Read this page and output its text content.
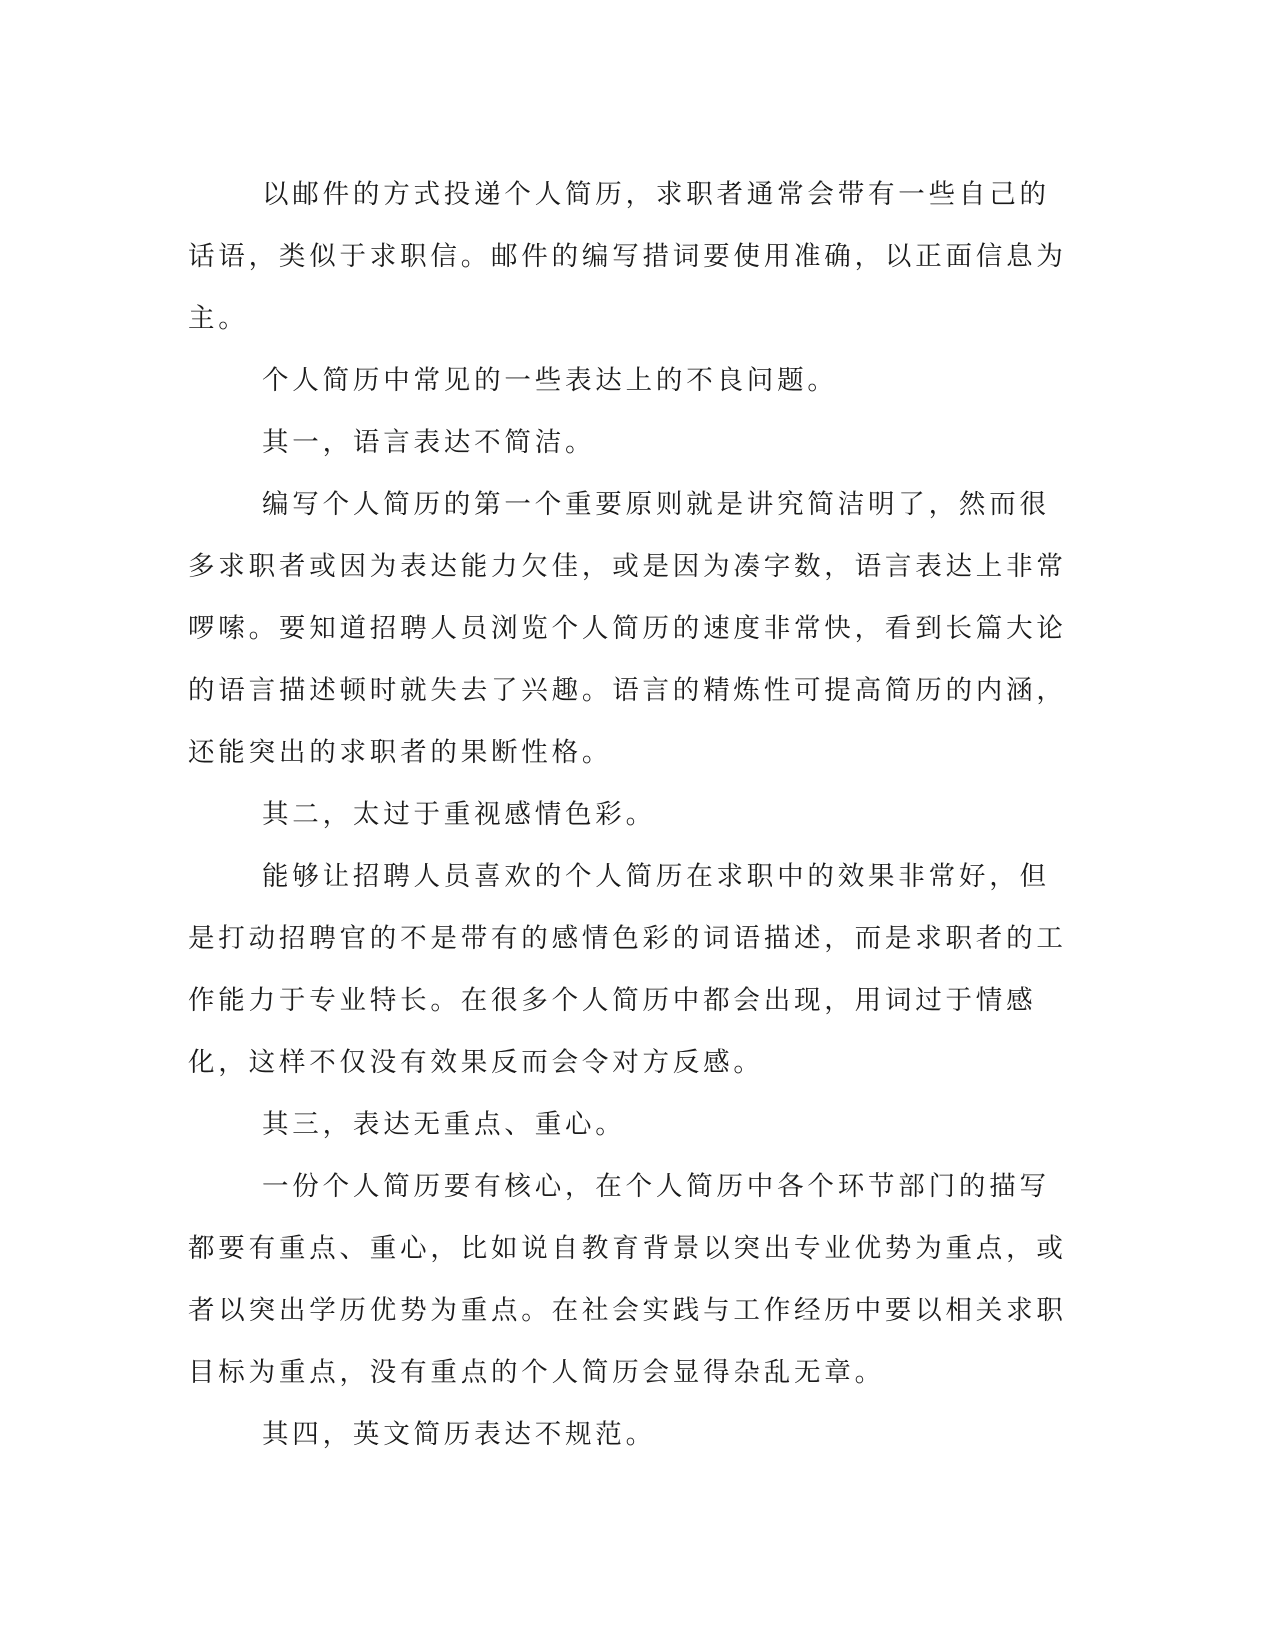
以邮件的方式投递个人简历，求职者通常会带有一些自己的话语，类似于求职信。邮件的编写措词要使用准确，以正面信息为主。

个人简历中常见的一些表达上的不良问题。

其一，语言表达不简洁。

编写个人简历的第一个重要原则就是讲究简洁明了，然而很多求职者或因为表达能力欠佳，或是因为凑字数，语言表达上非常啰嗦。要知道招聘人员浏览个人简历的速度非常快，看到长篇大论的语言描述顿时就失去了兴趣。语言的精炼性可提高简历的内涵，还能突出的求职者的果断性格。

其二，太过于重视感情色彩。

能够让招聘人员喜欢的个人简历在求职中的效果非常好，但是打动招聘官的不是带有的感情色彩的词语描述，而是求职者的工作能力于专业特长。在很多个人简历中都会出现，用词过于情感化，这样不仅没有效果反而会令对方反感。

其三，表达无重点、重心。

一份个人简历要有核心，在个人简历中各个环节部门的描写都要有重点、重心，比如说自教育背景以突出专业优势为重点，或者以突出学历优势为重点。在社会实践与工作经历中要以相关求职目标为重点，没有重点的个人简历会显得杂乱无章。

其四，英文简历表达不规范。
